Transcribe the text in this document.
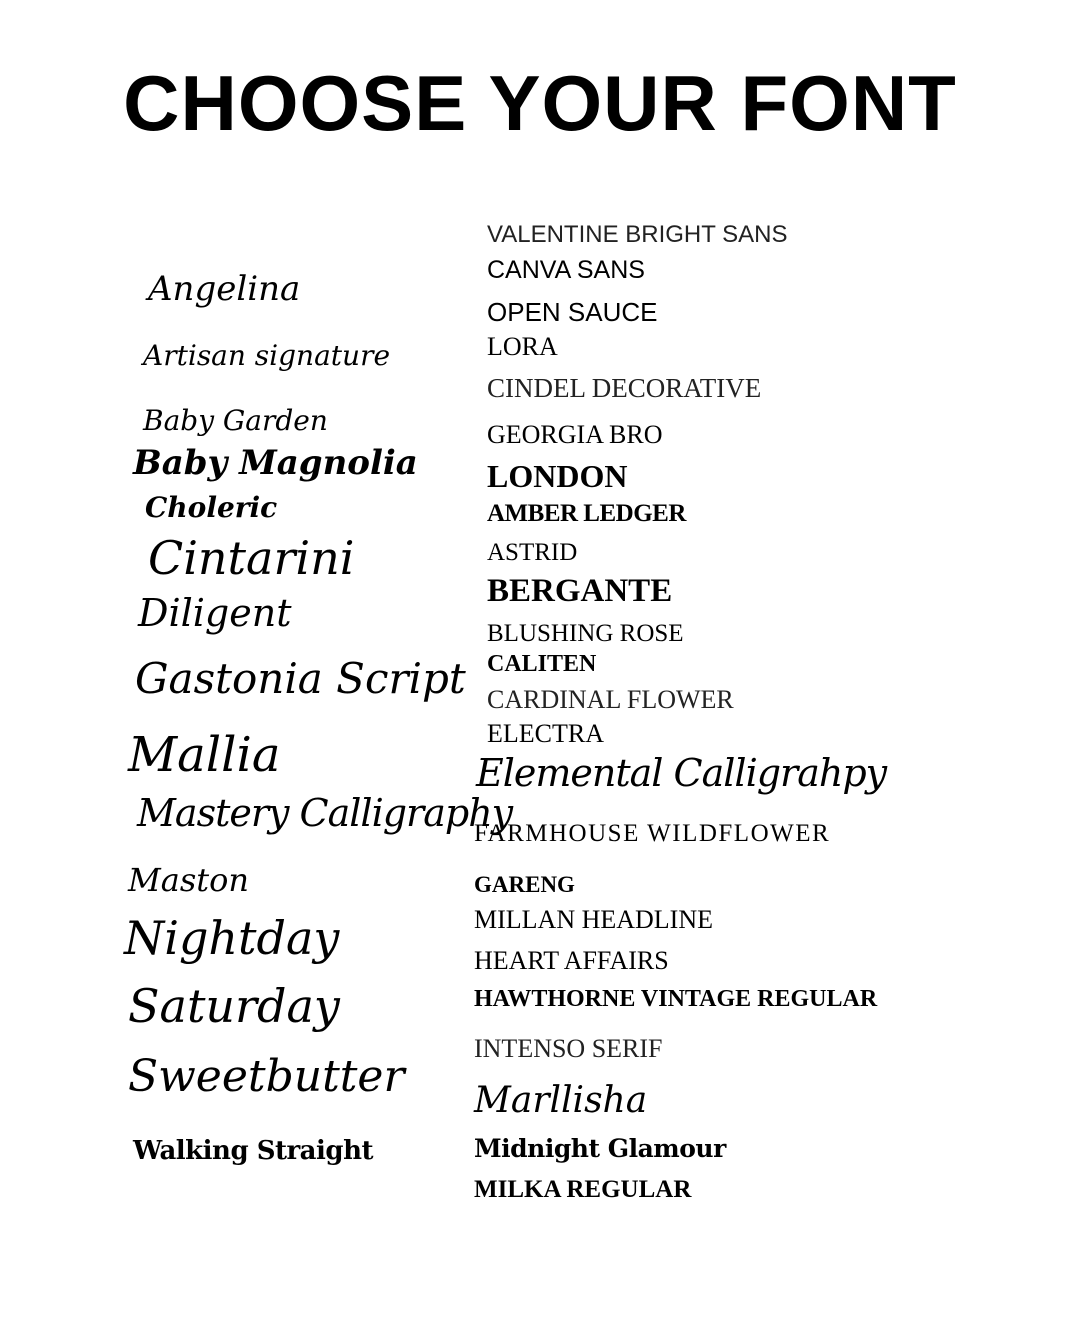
CHOOSE YOUR FONT
Angelina
Artisan signature
Baby Garden
Baby Magnolia
Choleric
Cintarini
Diligent
Gastonia Script
Mallia
Mastery Calligraphy
Maston
Nightday
Saturday
Sweetbutter
Walking Straight
VALENTINE BRIGHT SANS
CANVA SANS
OPEN SAUCE
LORA
CINDEL DECORATIVE
GEORGIA BRO
LONDON
AMBER LEDGER
ASTRID
BERGANTE
BLUSHING ROSE
CALITEN
CARDINAL FLOWER
ELECTRA
Elemental Calligrahpy
FARMHOUSE WILDFLOWER
GARENG
MILLAN HEADLINE
HEART AFFAIRS
HAWTHORNE VINTAGE REGULAR
INTENSO SERIF
Marllisha
Midnight Glamour
MILKA REGULAR
